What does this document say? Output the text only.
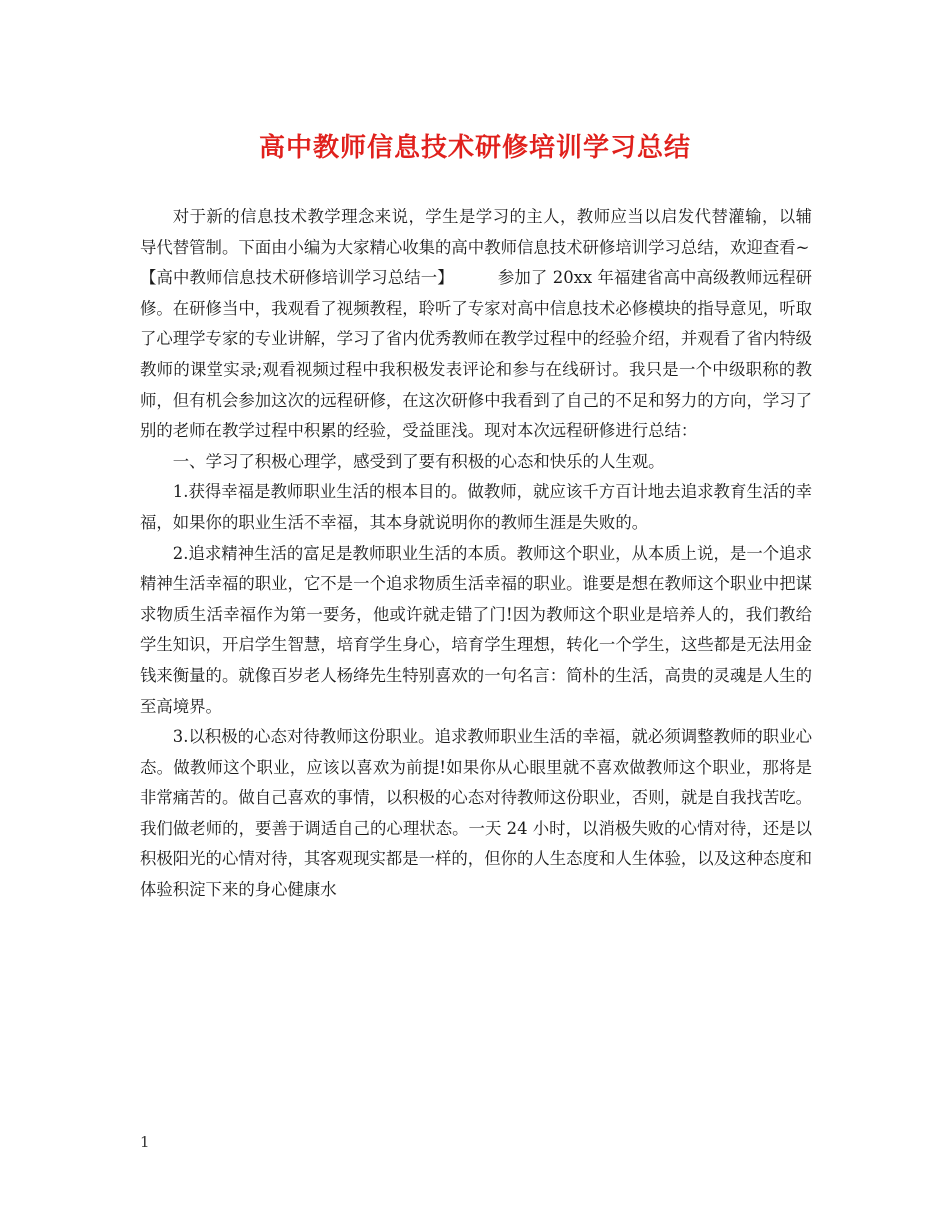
高中教师信息技术研修培训学习总结

对于新的信息技术教学理念来说，学生是学习的主人，教师应当以启发代替灌输，以辅导代替管制。下面由小编为大家精心收集的高中教师信息技术研修培训学习总结，欢迎查看~

【高中教师信息技术研修培训学习总结一】	参加了 20xx 年福建省高中高级教师远程研修。在研修当中，我观看了视频教程，聆听了专家对高中信息技术必修模块的指导意见，听取了心理学专家的专业讲解，学习了省内优秀教师在教学过程中的经验介绍，并观看了省内特级教师的课堂实录;观看视频过程中我积极发表评论和参与在线研讨。我只是一个中级职称的教师，但有机会参加这次的远程研修，在这次研修中我看到了自己的不足和努力的方向，学习了别的老师在教学过程中积累的经验，受益匪浅。现对本次远程研修进行总结：

一、学习了积极心理学，感受到了要有积极的心态和快乐的人生观。

1.获得幸福是教师职业生活的根本目的。做教师，就应该千方百计地去追求教育生活的幸福，如果你的职业生活不幸福，其本身就说明你的教师生涯是失败的。

2.追求精神生活的富足是教师职业生活的本质。教师这个职业，从本质上说，是一个追求精神生活幸福的职业，它不是一个追求物质生活幸福的职业。谁要是想在教师这个职业中把谋求物质生活幸福作为第一要务，他或许就走错了门!因为教师这个职业是培养人的，我们教给学生知识，开启学生智慧，培育学生身心，培育学生理想，转化一个学生，这些都是无法用金钱来衡量的。就像百岁老人杨绛先生特别喜欢的一句名言：简朴的生活，高贵的灵魂是人生的至高境界。

3.以积极的心态对待教师这份职业。追求教师职业生活的幸福，就必须调整教师的职业心态。做教师这个职业，应该以喜欢为前提!如果你从心眼里就不喜欢做教师这个职业，那将是非常痛苦的。做自己喜欢的事情，以积极的心态对待教师这份职业，否则，就是自我找苦吃。我们做老师的，要善于调适自己的心理状态。一天 24 小时，以消极失败的心情对待，还是以积极阳光的心情对待，其客观现实都是一样的，但你的人生态度和人生体验，以及这种态度和体验积淀下来的身心健康水

1
